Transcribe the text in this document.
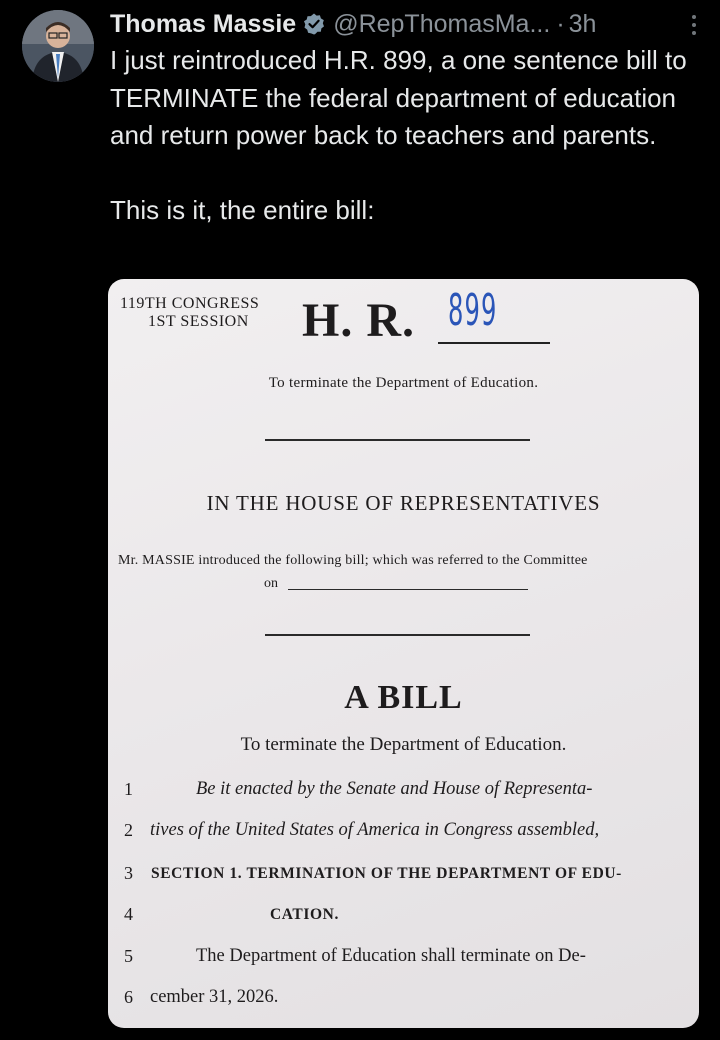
Thomas Massie @RepThomasMa... · 3h

I just reintroduced H.R. 899, a one sentence bill to TERMINATE the federal department of education and return power back to teachers and parents.

This is it, the entire bill:

119TH CONGRESS
1ST SESSION H. R. 899
To terminate the Department of Education.
IN THE HOUSE OF REPRESENTATIVES
Mr. MASSIE introduced the following bill; which was referred to the Committee
on
A BILL
To terminate the Department of Education.
1	Be it enacted by the Senate and House of Representa-
2 tives of the United States of America in Congress assembled,
3 SECTION 1. TERMINATION OF THE DEPARTMENT OF EDU-
4	CATION.
5	The Department of Education shall terminate on De-
6 cember 31, 2026.
